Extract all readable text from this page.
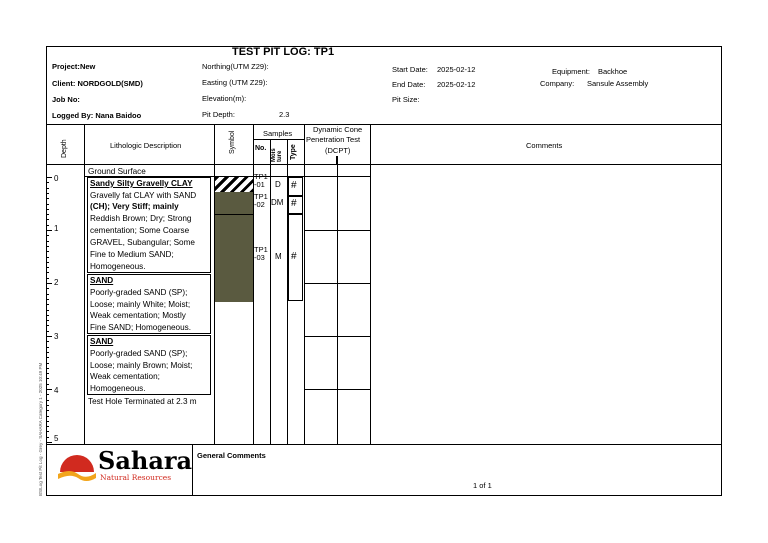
TEST PIT LOG: TP1
Project:New
Client: NORDGOLD(SMD)
Job No:
Logged By: Nana Baidoo
Northing(UTM Z29):
Easting (UTM Z29):
Elevation(m):
Pit Depth:	2.3
Start Date: 2025-02-12
End Date: 2025-02-12
Pit Size:
Equipment: Backhoe
Company: Sansule Assembly
Depth	Lithologic Description	Symbol	Samples
No. Mois ture Type
Dynamic Cone
Penetration Test
(DCPT)
Comments
Ground Surface
0
1
2
3
4
5
Sandy Silty Gravelly CLAY
Gravelly fat CLAY with SAND
(CH); Very Stiff; mainly
Reddish Brown; Dry; Strong
cementation; Some Coarse
GRAVEL, Subangular; Some
Fine to Medium SAND;
Homogeneous.
SAND
Poorly-graded SAND (SP);
Loose; mainly White; Moist;
Weak cementation; Mostly
Fine SAND; Homogeneous.
SAND
Poorly-graded SAND (SP);
Loose; mainly Brown; Moist;
Weak cementation;
Homogeneous.
Test Hole Terminated at 2.3 m
TP1 -01	D #
TP1 -02 DM #
TP1 -03	M #
Sahara
Natural Resources
General Comments
1 of 1
BSILog Test Pit Log - Grey - SAHARA Category 1 - 2025 10:49 PM
